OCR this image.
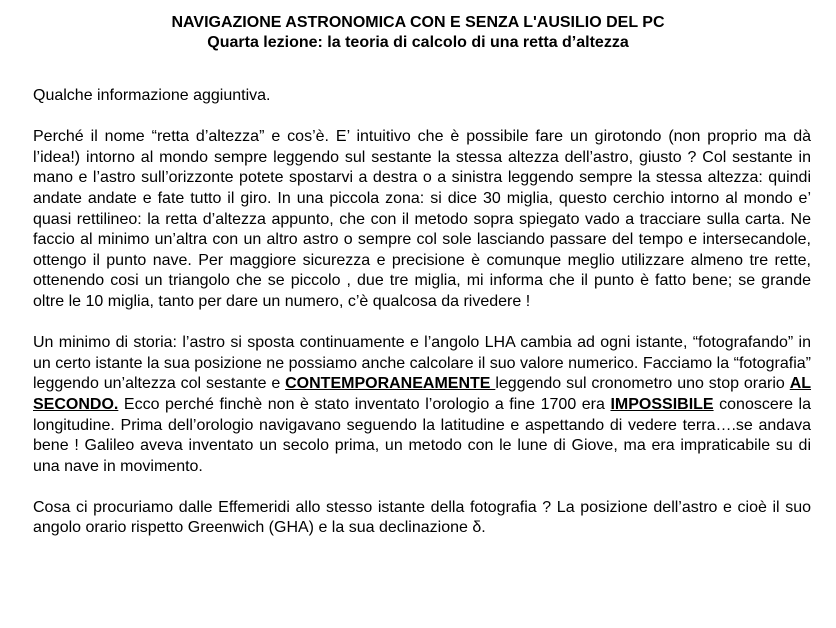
NAVIGAZIONE ASTRONOMICA CON E SENZA L'AUSILIO DEL PC
Quarta lezione: la teoria di calcolo di una retta d’altezza

Qualche informazione aggiuntiva.

Perché il nome “retta d’altezza” e cos’è. E’ intuitivo che è possibile fare un girotondo (non proprio ma dà l’idea!) intorno al mondo sempre leggendo sul sestante la stessa altezza dell’astro, giusto ? Col sestante in mano e l’astro sull’orizzonte potete spostarvi a destra o a sinistra leggendo sempre la stessa altezza: quindi andate andate e fate tutto il giro. In una piccola zona: si dice 30 miglia, questo cerchio intorno al mondo e’ quasi rettilineo: la retta d’altezza appunto, che con il metodo sopra spiegato vado a tracciare sulla carta. Ne faccio al minimo un’altra con un altro astro o sempre col sole lasciando passare del tempo e intersecandole, ottengo il punto nave. Per maggiore sicurezza e precisione è comunque meglio utilizzare almeno tre rette, ottenendo cosi un triangolo che se piccolo , due tre miglia, mi informa che il punto è fatto bene; se grande oltre le 10 miglia, tanto per dare un numero, c’è qualcosa da rivedere !

Un minimo di storia: l’astro si sposta continuamente e l’angolo LHA cambia ad ogni istante, “fotografando” in un certo istante la sua posizione ne possiamo anche calcolare il suo valore numerico. Facciamo la “fotografia” leggendo un’altezza col sestante e CONTEMPORANEAMENTE leggendo sul cronometro uno stop orario AL SECONDO. Ecco perché finchè non è stato inventato l’orologio a fine 1700 era IMPOSSIBILE conoscere la longitudine. Prima dell’orologio navigavano seguendo la latitudine e aspettando di vedere terra….se andava bene ! Galileo aveva inventato un secolo prima, un metodo con le lune di Giove, ma era impraticabile su di una nave in movimento.

Cosa ci procuriamo dalle Effemeridi allo stesso istante della fotografia ? La posizione dell’astro e cioè il suo angolo orario rispetto Greenwich (GHA) e la sua declinazione δ.
